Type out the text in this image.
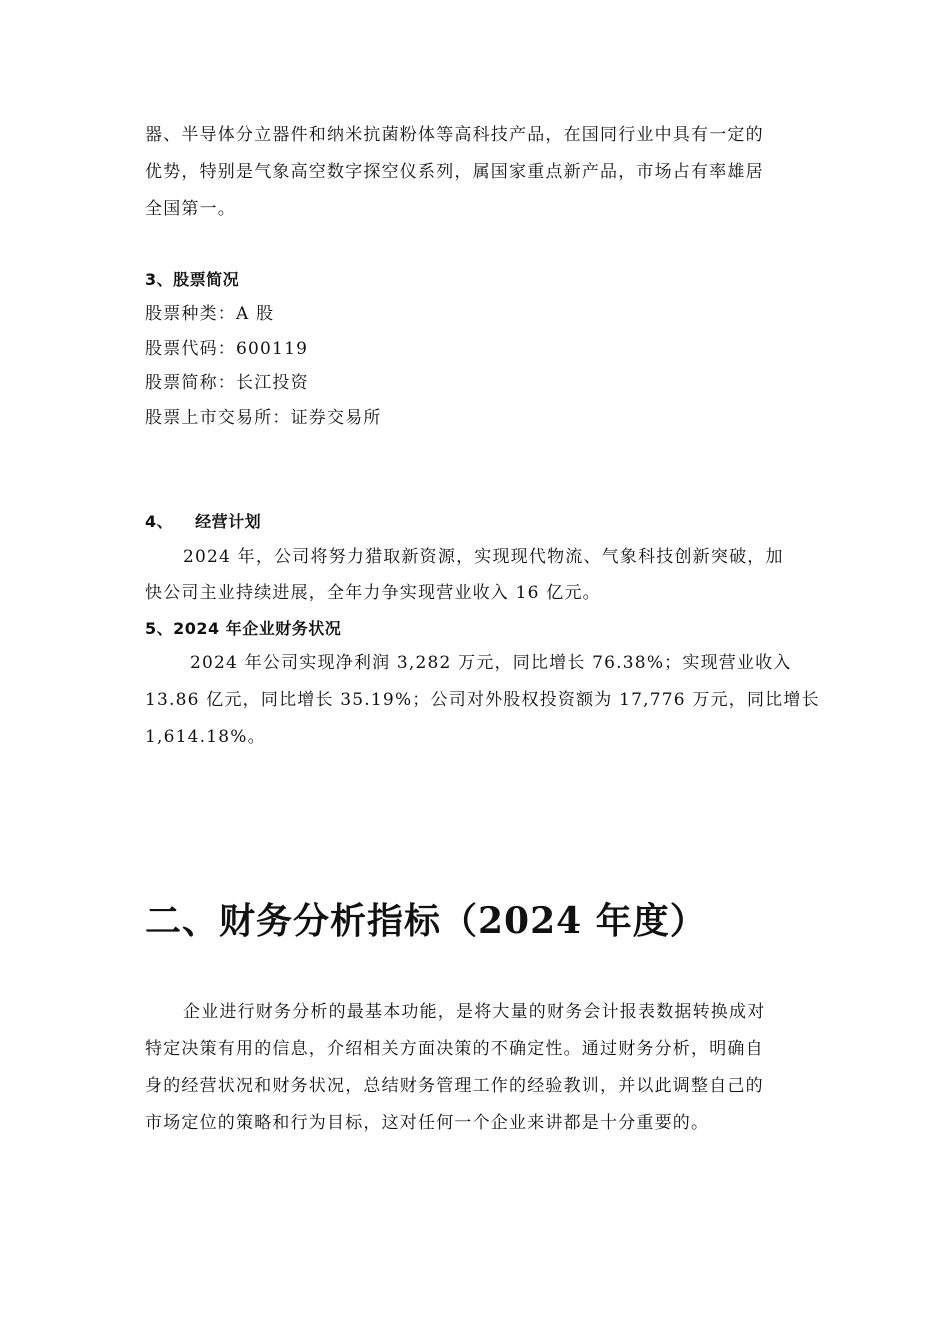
器、半导体分立器件和纳米抗菌粉体等高科技产品，在国同行业中具有一定的
优势，特别是气象高空数字探空仪系列，属国家重点新产品，市场占有率雄居
全国第一。
3、股票简况
股票种类：A 股
股票代码：600119
股票简称：长江投资
股票上市交易所：证券交易所
4、 经营计划
2024 年，公司将努力猎取新资源，实现现代物流、气象科技创新突破，加
快公司主业持续进展，全年力争实现营业收入 16 亿元。
5、2024 年企业财务状况
2024 年公司实现净利润 3,282 万元，同比增长 76.38%；实现营业收入
13.86 亿元，同比增长 35.19%；公司对外股权投资额为 17,776 万元，同比增长
1,614.18%。
二、财务分析指标（2024 年度）
企业进行财务分析的最基本功能，是将大量的财务会计报表数据转换成对
特定决策有用的信息，介绍相关方面决策的不确定性。通过财务分析，明确自
身的经营状况和财务状况，总结财务管理工作的经验教训，并以此调整自己的
市场定位的策略和行为目标，这对任何一个企业来讲都是十分重要的。
